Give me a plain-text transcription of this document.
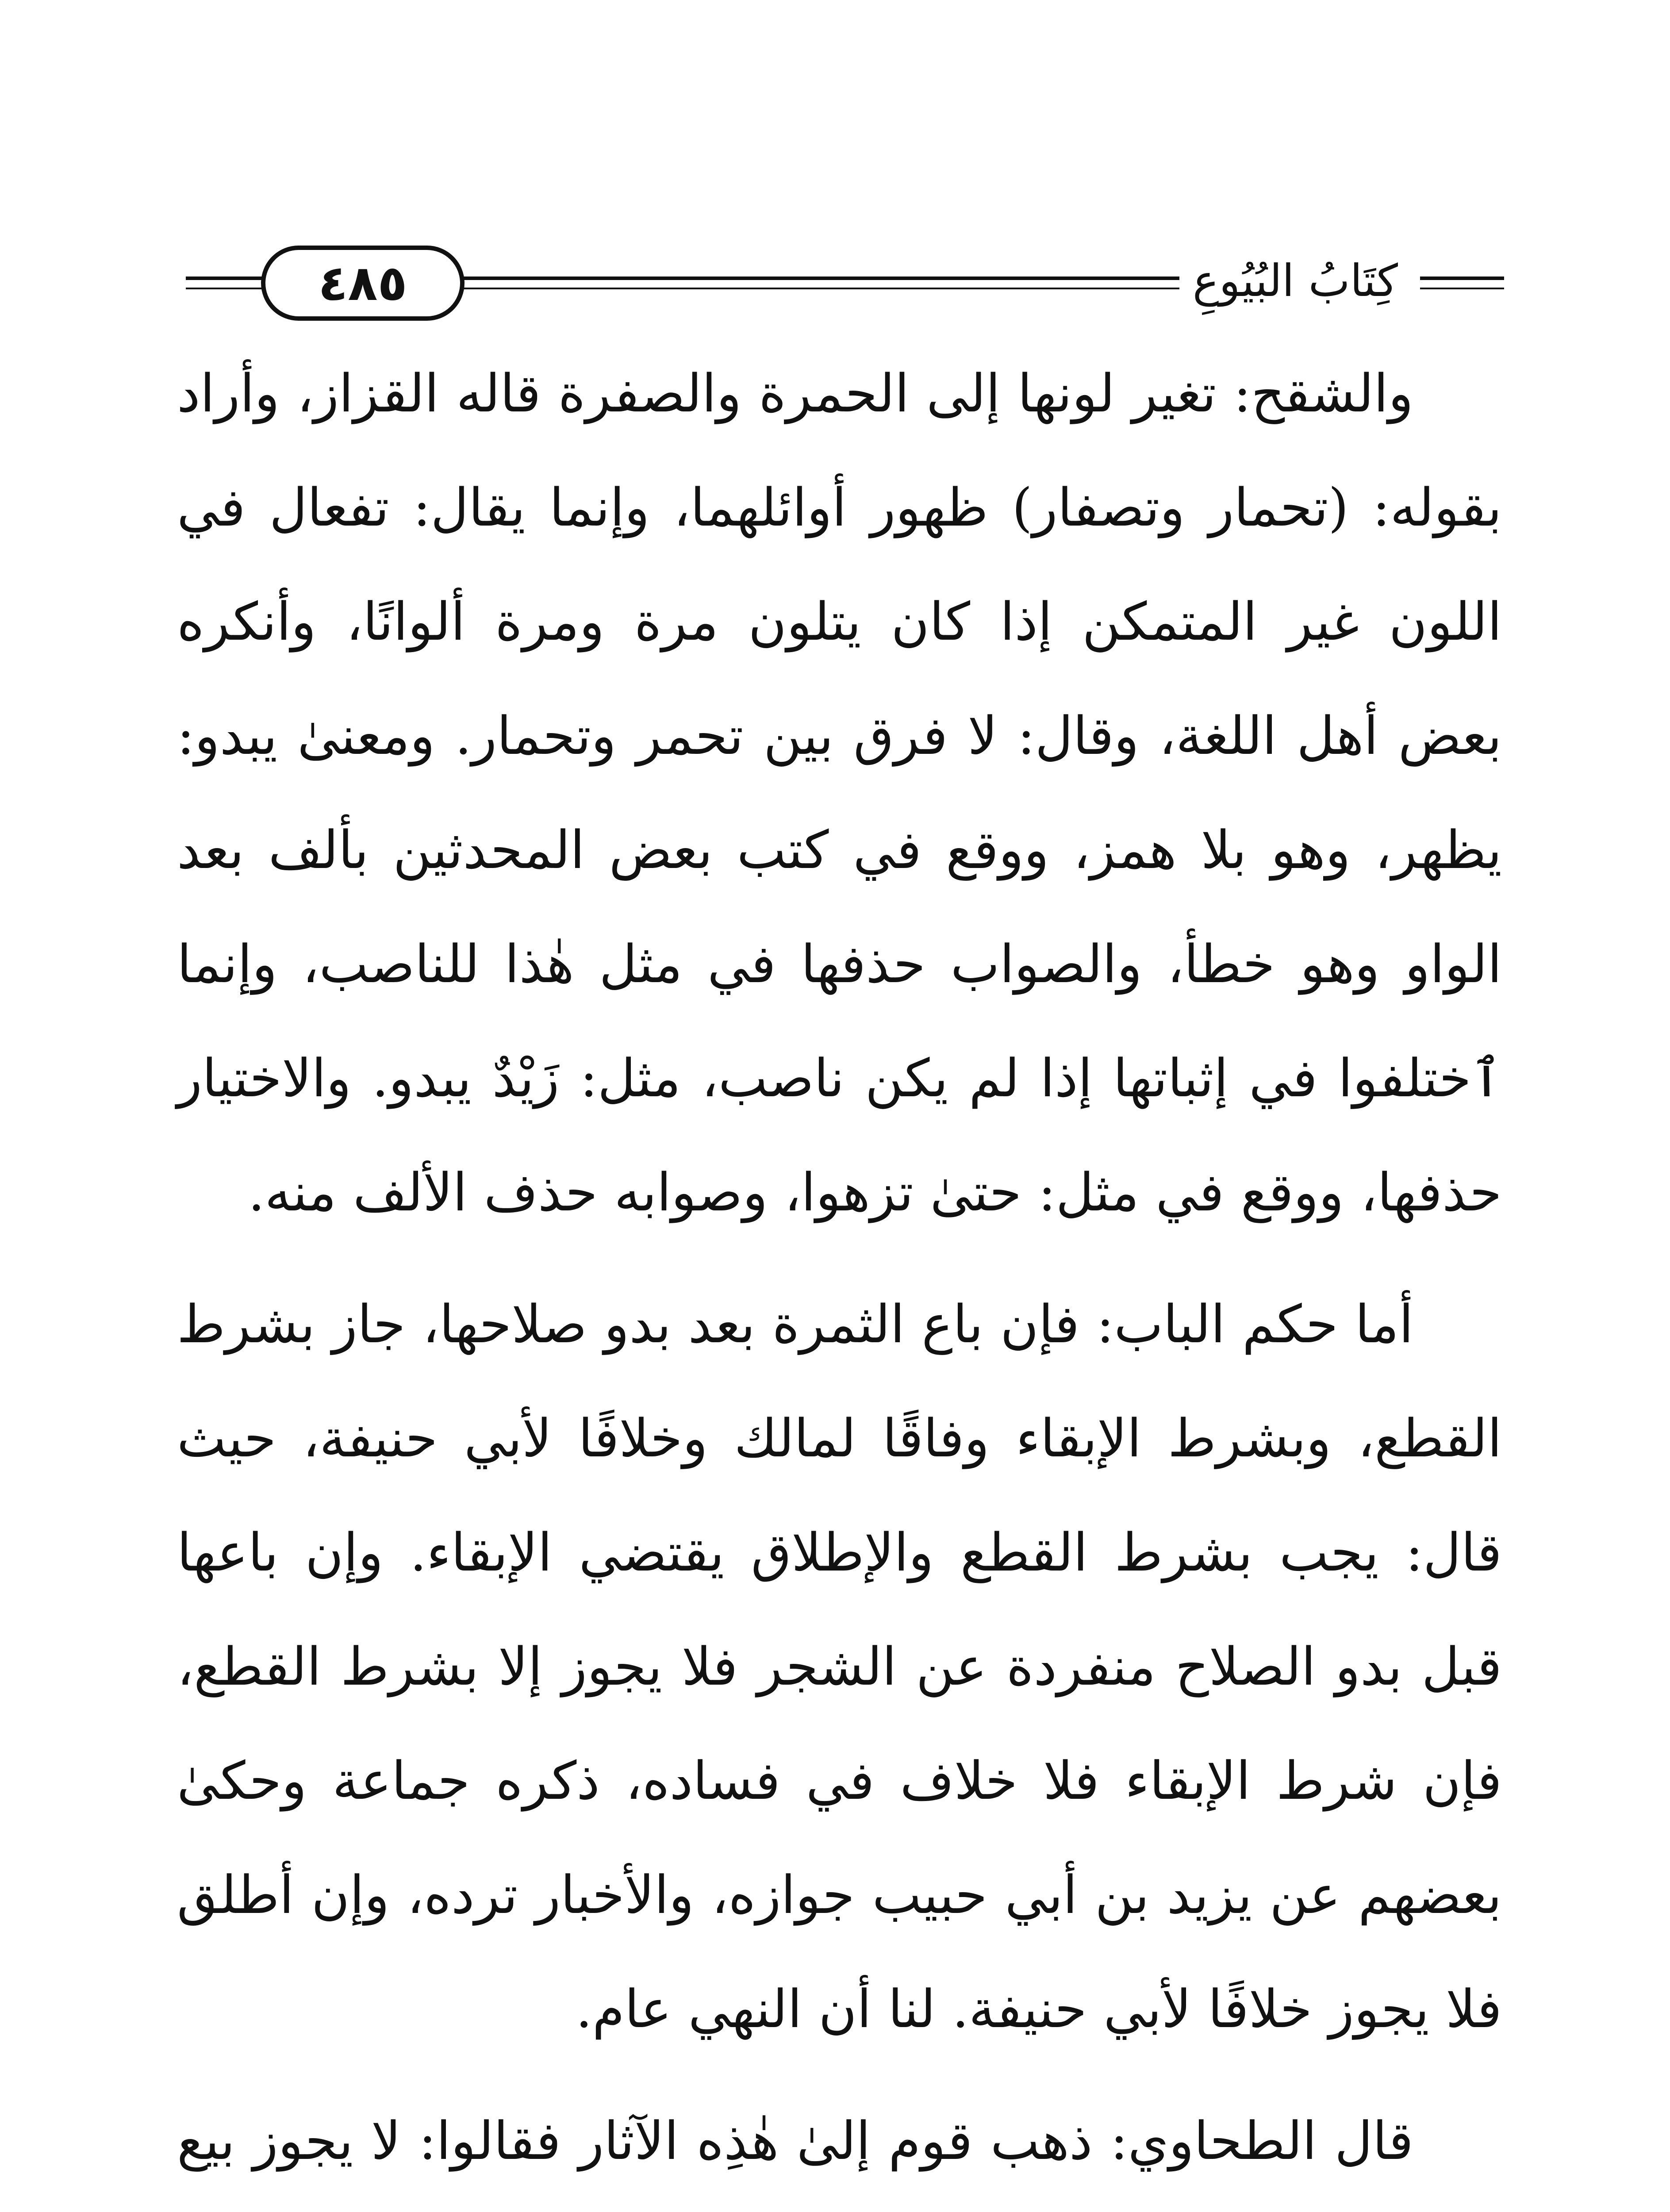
٤٨٥	كِتَابُ البُيُوعِ

والشقح: تغير لونها إلى الحمرة والصفرة قاله القزاز، وأراد بقوله: (تحمار وتصفار) ظهور أوائلهما، وإنما يقال: تفعال في اللون غير المتمكن إذا كان يتلون مرة ومرة ألوانًا، وأنكره بعض أهل اللغة، وقال: لا فرق بين تحمر وتحمار. ومعنىٰ يبدو: يظهر، وهو بلا همز، ووقع في كتب بعض المحدثين بألف بعد الواو وهو خطأ، والصواب حذفها في مثل هٰذا للناصب، وإنما ٱختلفوا في إثباتها إذا لم يكن ناصب، مثل: زَيْدٌ يبدو. والاختيار حذفها، ووقع في مثل: حتىٰ تزهوا، وصوابه حذف الألف منه.

أما حكم الباب: فإن باع الثمرة بعد بدو صلاحها، جاز بشرط القطع، وبشرط الإبقاء وفاقًا لمالك وخلافًا لأبي حنيفة، حيث قال: يجب بشرط القطع والإطلاق يقتضي الإبقاء. وإن باعها قبل بدو الصلاح منفردة عن الشجر فلا يجوز إلا بشرط القطع، فإن شرط الإبقاء فلا خلاف في فساده، ذكره جماعة وحكىٰ بعضهم عن يزيد بن أبي حبيب جوازه، والأخبار ترده، وإن أطلق فلا يجوز خلافًا لأبي حنيفة. لنا أن النهي عام.

قال الطحاوي: ذهب قوم إلىٰ هٰذِه الآثار فقالوا: لا يجوز بيع
